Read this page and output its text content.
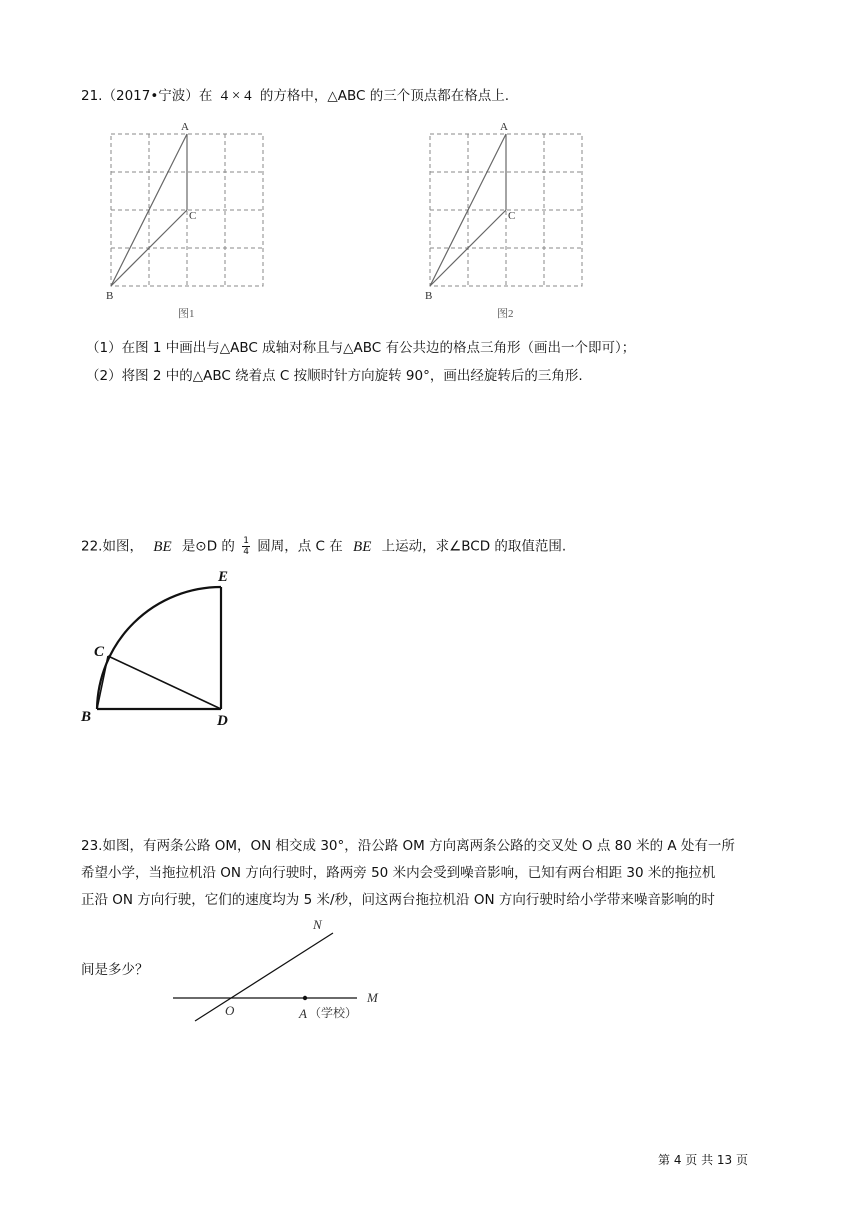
21.（2017•宁波）在 4 × 4 的方格中，△ABC 的三个顶点都在格点上.
A
C
B
图1
A
C
B
图2
（1）在图 1 中画出与△ABC 成轴对称且与△ABC 有公共边的格点三角形（画出一个即可）；
（2）将图 2 中的△ABC 绕着点 C 按顺时针方向旋转 90°，画出经旋转后的三角形.
22.如图， BE 是⊙D 的 $\frac{1}{4}$ 圆周，点 C 在 BE 上运动，求∠BCD 的取值范围.
E
C
B	D
23.如图，有两条公路 OM，ON 相交成 30°，沿公路 OM 方向离两条公路的交叉处 O 点 80 米的 A 处有一所
希望小学，当拖拉机沿 ON 方向行驶时，路两旁 50 米内会受到噪音影响，已知有两台相距 30 米的拖拉机
正沿 ON 方向行驶，它们的速度均为 5 米/秒，问这两台拖拉机沿 ON 方向行驶时给小学带来噪音影响的时
间是多少？
N
M
O	A （学校）
第 4 页 共 13 页
